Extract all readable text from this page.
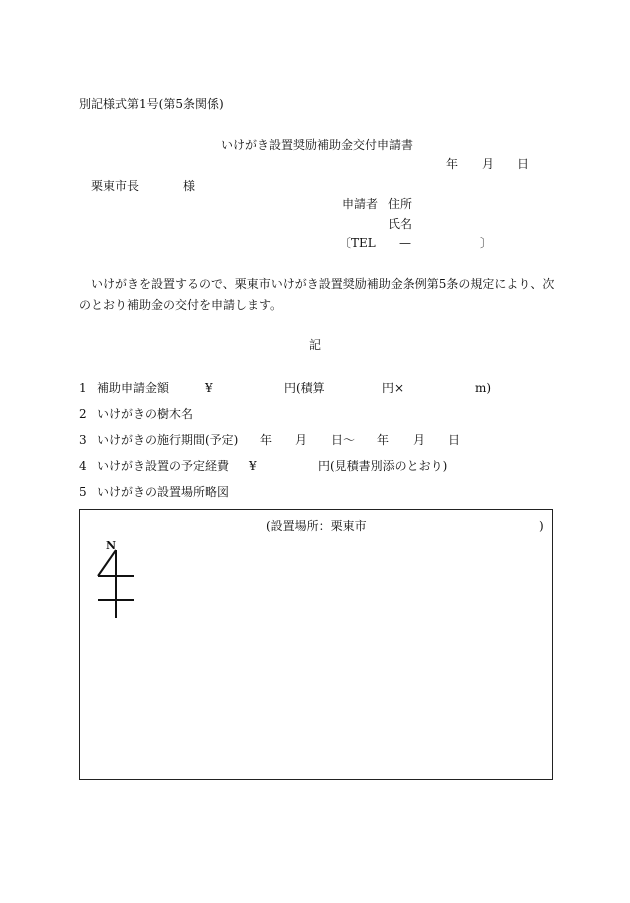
別記様式第1号(第5条関係)
いけがき設置奨励補助金交付申請書
年 月 日
栗東市長	様
申請者 住所
氏名
〔TEL —	〕
いけがきを設置するので、栗東市いけがき設置奨励補助金条例第5条の規定により、次のとおり補助金の交付を申請します。
記
1 補助申請金額	¥	円(積算	円×	m)
2 いけがきの樹木名
3 いけがきの施行期間(予定) 年 月 日〜 年 月 日
4 いけがき設置の予定経費 ¥	円(見積書別添のとおり)
5 いけがきの設置場所略図
(設置場所：栗東市	)
N
